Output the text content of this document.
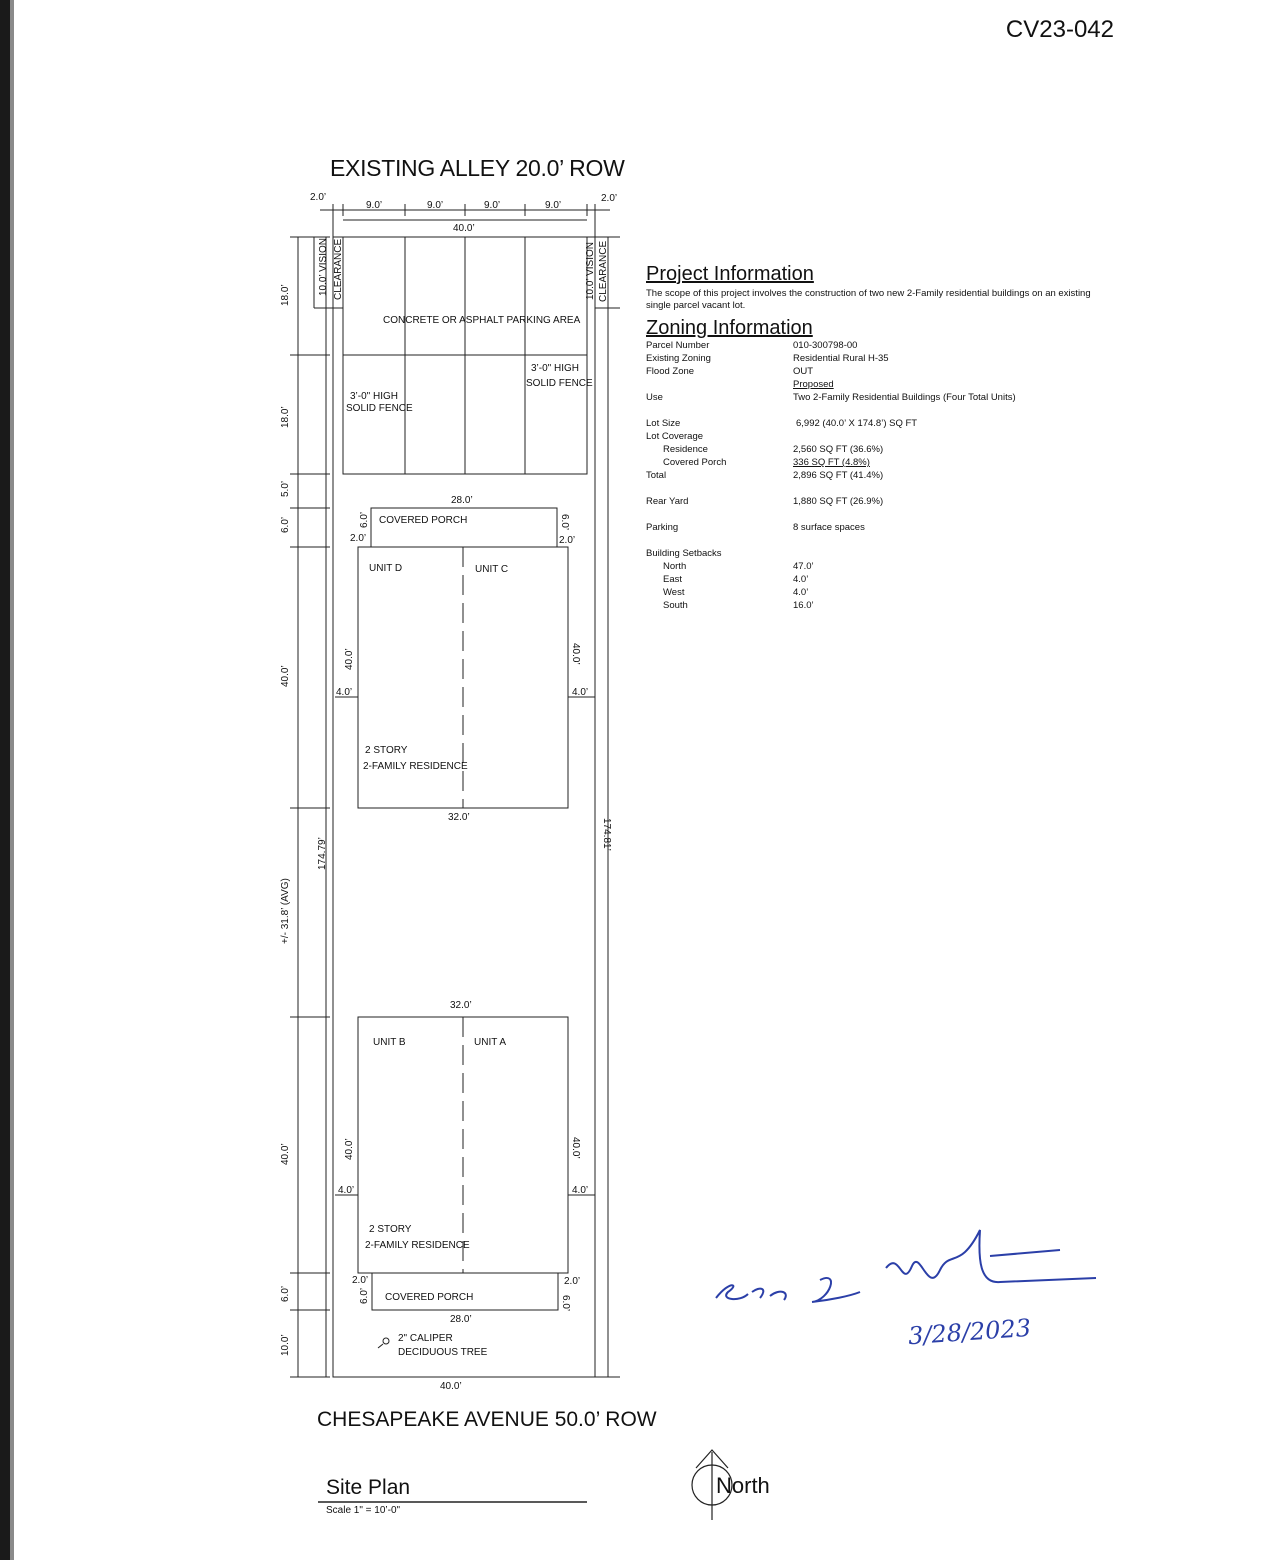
CV23-042
EXISTING ALLEY 20.0’ ROW
2.0’
9.0’	9.0’	9.0’	9.0’
2.0’
40.0’
10.0’ VISION CLEARANCE	10.0’ VISION CLEARANCE
CONCRETE OR ASPHALT PARKING AREA
3’-0" HIGH
SOLID FENCE
3’-0" HIGH
SOLID FENCE
18.0’
18.0’
5.0’
6.0’
40.0’
+/- 31.8’ (AVG)
40.0’
6.0’
10.0’
174.79’
174.81’
28.0’
COVERED PORCH
6.0’	6.0’
2.0’	2.0’
UNIT D	UNIT C
40.0’	40.0’
4.0’	4.0’
2 STORY
2-FAMILY RESIDENCE
32.0’
32.0’
UNIT B	UNIT A
40.0’	40.0’
4.0’	4.0’
2 STORY
2-FAMILY RESIDENCE
2.0’	2.0’
6.0’	6.0’
COVERED PORCH
28.0’
2" CALIPER
DECIDUOUS TREE
40.0’
CHESAPEAKE AVENUE 50.0’ ROW
Site Plan
Scale 1" = 10’-0"
North
Project Information
The scope of this project involves the construction of two new 2-Family residential buildings on an existing single parcel vacant lot.
Zoning Information
Parcel Number	010-300798-00
Existing Zoning	Residential Rural H-35
Flood Zone	OUT
Proposed
Use	Two 2-Family Residential Buildings (Four Total Units)
Lot Size	6,992 (40.0’ X 174.8’) SQ FT
Lot Coverage
Residence	2,560 SQ FT (36.6%)
Covered Porch	336 SQ FT (4.8%)
Total	2,896 SQ FT (41.4%)
Rear Yard	1,880 SQ FT (26.9%)
Parking	8 surface spaces
Building Setbacks
North	47.0’
East	4.0’
West	4.0’
South	16.0’
3/28/2023
